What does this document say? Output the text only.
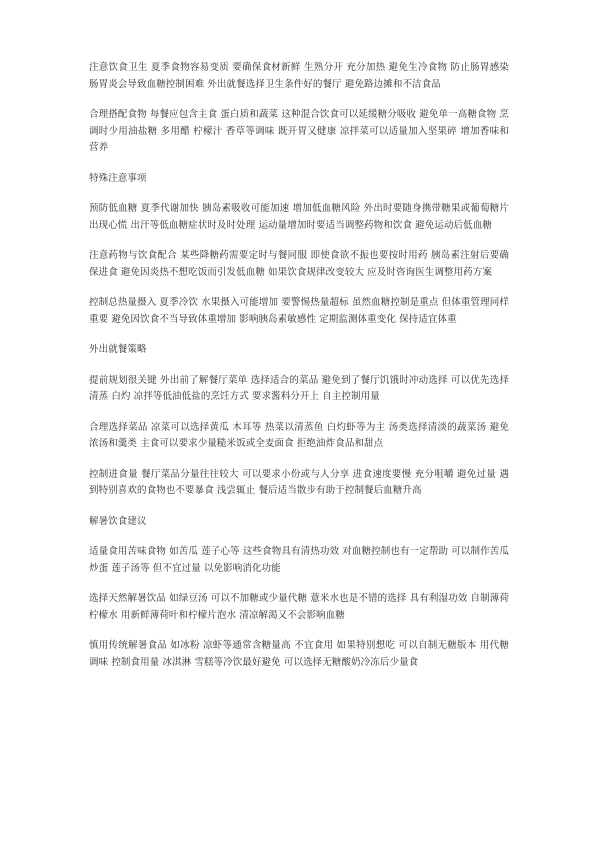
注意饮食卫生 夏季食物容易变质 要确保食材新鲜 生熟分开 充分加热 避免生冷食物 防止肠胃感染 肠胃炎会导致血糖控制困难 外出就餐选择卫生条件好的餐厅 避免路边摊和不洁食品

合理搭配食物 每餐应包含主食 蛋白质和蔬菜 这种混合饮食可以延缓糖分吸收 避免单一高糖食物 烹调时少用油盐糖 多用醋 柠檬汁 香草等调味 既开胃又健康 凉拌菜可以适量加入坚果碎 增加香味和营养

特殊注意事项

预防低血糖 夏季代谢加快 胰岛素吸收可能加速 增加低血糖风险 外出时要随身携带糖果或葡萄糖片 出现心慌 出汗等低血糖症状时及时处理 运动量增加时要适当调整药物和饮食 避免运动后低血糖

注意药物与饮食配合 某些降糖药需要定时与餐同服 即使食欲不振也要按时用药 胰岛素注射后要确保进食 避免因炎热不想吃饭而引发低血糖 如果饮食规律改变较大 应及时咨询医生调整用药方案

控制总热量摄入 夏季冷饮 水果摄入可能增加 要警惕热量超标 虽然血糖控制是重点 但体重管理同样重要 避免因饮食不当导致体重增加 影响胰岛素敏感性 定期监测体重变化 保持适宜体重

外出就餐策略

提前规划很关键 外出前了解餐厅菜单 选择适合的菜品 避免到了餐厅饥饿时冲动选择 可以优先选择清蒸 白灼 凉拌等低油低盐的烹饪方式 要求酱料分开上 自主控制用量

合理选择菜品 凉菜可以选择黄瓜 木耳等 热菜以清蒸鱼 白灼虾等为主 汤类选择清淡的蔬菜汤 避免浓汤和羹类 主食可以要求少量糙米饭或全麦面食 拒绝油炸食品和甜点

控制进食量 餐厅菜品分量往往较大 可以要求小份或与人分享 进食速度要慢 充分咀嚼 避免过量 遇到特别喜欢的食物也不要暴食 浅尝辄止 餐后适当散步有助于控制餐后血糖升高

解暑饮食建议

适量食用苦味食物 如苦瓜 莲子心等 这些食物具有清热功效 对血糖控制也有一定帮助 可以制作苦瓜炒蛋 莲子汤等 但不宜过量 以免影响消化功能

选择天然解暑饮品 如绿豆汤 可以不加糖或少量代糖 薏米水也是不错的选择 具有利湿功效 自制薄荷柠檬水 用新鲜薄荷叶和柠檬片泡水 清凉解渴又不会影响血糖

慎用传统解暑食品 如冰粉 凉虾等通常含糖量高 不宜食用 如果特别想吃 可以自制无糖版本 用代糖调味 控制食用量 冰淇淋 雪糕等冷饮最好避免 可以选择无糖酸奶冷冻后少量食
